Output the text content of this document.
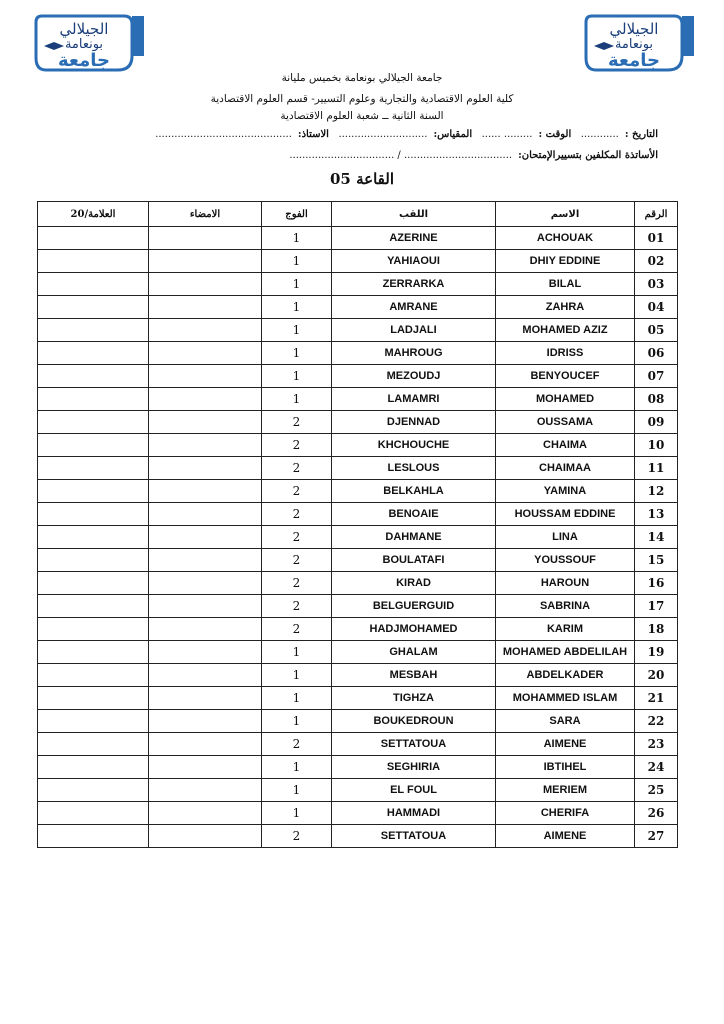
الجيلالي
بونعامة
جامعة
الجيلالي
بونعامة
جامعة
جامعة الجيلالي بونعامة بخميس مليانة
كلية العلوم الاقتصادية والتجارية وعلوم التسيير- قسم العلوم الاقتصادية
السنة الثانية ــ شعبة العلوم الاقتصادية
التاريخ :............ الوقت :......... ...... المقياس:............................ الاستاذ:...........................................
الأساتذة المكلفين بتسييرالإمتحان:.................................. / .................................
القاعة 05
الرقم	الاسم	اللقب	الفوج	الامضاء	العلامة/20
01	ACHOUAK	AZERINE	1		
02	DHIY EDDINE	YAHIAOUI	1		
03	BILAL	ZERRARKA	1		
04	ZAHRA	AMRANE	1		
05	MOHAMED AZIZ	LADJALI	1		
06	IDRISS	MAHROUG	1		
07	BENYOUCEF	MEZOUDJ	1		
08	MOHAMED	LAMAMRI	1		
09	OUSSAMA	DJENNAD	2		
10	CHAIMA	KHCHOUCHE	2		
11	CHAIMAA	LESLOUS	2		
12	YAMINA	BELKAHLA	2		
13	HOUSSAM EDDINE	BENOAIE	2		
14	LINA	DAHMANE	2		
15	YOUSSOUF	BOULATAFI	2		
16	HAROUN	KIRAD	2		
17	SABRINA	BELGUERGUID	2		
18	KARIM	HADJMOHAMED	2		
19	MOHAMED ABDELILAH	GHALAM	1		
20	ABDELKADER	MESBAH	1		
21	MOHAMMED ISLAM	TIGHZA	1		
22	SARA	BOUKEDROUN	1		
23	AIMENE	SETTATOUA	2		
24	IBTIHEL	SEGHIRIA	1		
25	MERIEM	EL FOUL	1		
26	CHERIFA	HAMMADI	1		
27	AIMENE	SETTATOUA	2		
